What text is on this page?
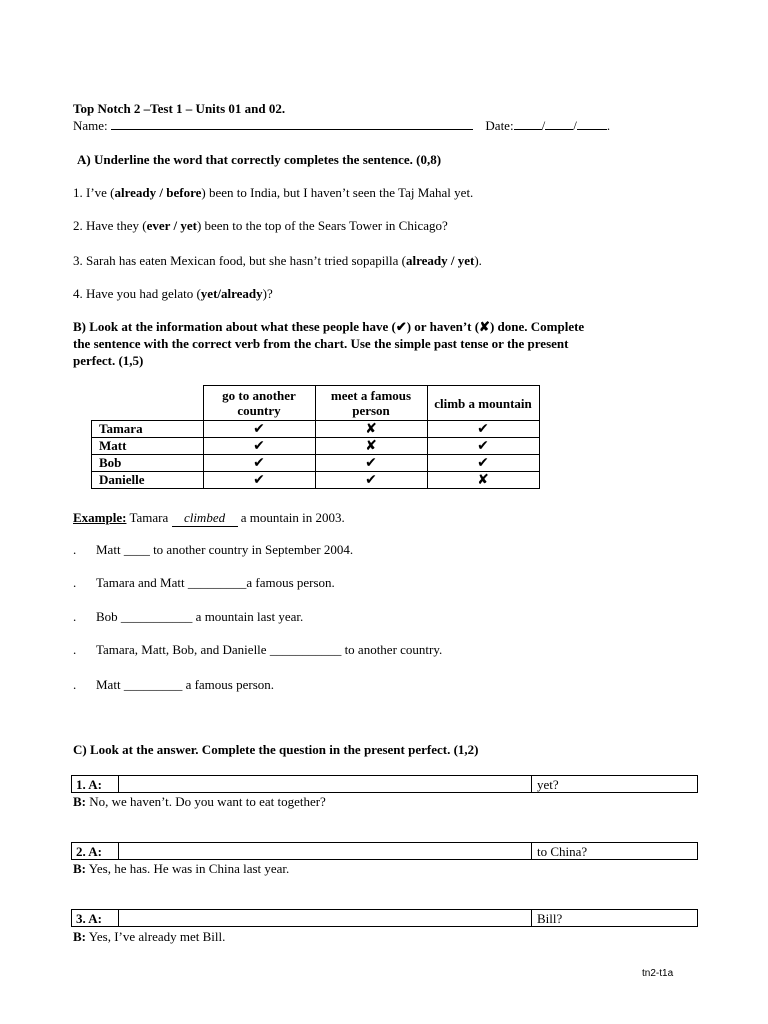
Top Notch 2 –Test 1 – Units 01 and 02.
Name:	Date: / / .
A) Underline the word that correctly completes the sentence. (0,8)
1. I’ve (already / before) been to India, but I haven’t seen the Taj Mahal yet.
2. Have they (ever / yet) been to the top of the Sears Tower in Chicago?
3. Sarah has eaten Mexican food, but she hasn’t tried sopapilla (already / yet).
4. Have you had gelato (yet/already)?
B) Look at the information about what these people have (✔) or haven’t (✘) done. Complete
the sentence with the correct verb from the chart. Use the simple past tense or the present
perfect. (1,5)
	go to another country	meet a famous person	climb a mountain
Tamara	✔	✘	✔
Matt	✔	✘	✔
Bob	✔	✔	✔
Danielle	✔	✔	✘
Example: Tamara climbed a mountain in 2003.
. Matt ____ to another country in September 2004.
. Tamara and Matt _________a famous person.
. Bob ___________ a mountain last year.
. Tamara, Matt, Bob, and Danielle ___________ to another country.
. Matt _________ a famous person.
C) Look at the answer. Complete the question in the present perfect. (1,2)
1. A:	yet?
B: No, we haven’t. Do you want to eat together?
2. A:	to China?
B: Yes, he has. He was in China last year.
3. A:	Bill?
B: Yes, I’ve already met Bill.
tn2-t1a
